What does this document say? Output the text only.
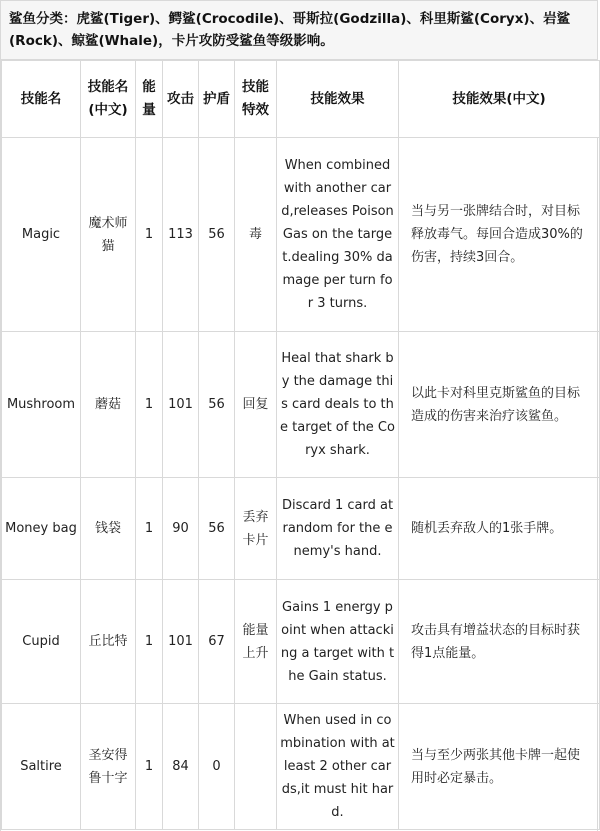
鲨鱼分类：虎鲨(Tiger)、鳄鲨(Crocodile)、哥斯拉(Godzilla)、科里斯鲨(Coryx)、岩鲨(Rock)、鲸鲨(Whale)，卡片攻防受鲨鱼等级影响。
技能名	技能名(中文)	能量	攻击	护盾	技能特效	技能效果	技能效果(中文)
Magic	魔术师猫	1	113	56	毒	When combined with another card,releases Poison Gas on the target.dealing 30% damage per turn for 3 turns.	当与另一张牌结合时，对目标释放毒气。每回合造成30%的伤害，持续3回合。
Mushroom	蘑菇	1	101	56	回复	Heal that shark by the damage this card deals to the target of the Coryx shark.	以此卡对科里克斯鲨鱼的目标造成的伤害来治疗该鲨鱼。
Money bag	钱袋	1	90	56	丢弃卡片	Discard 1 card at random for the enemy's hand.	随机丢弃敌人的1张手牌。
Cupid	丘比特	1	101	67	能量上升	Gains 1 energy point when attacking a target with the Gain status.	攻击具有增益状态的目标时获得1点能量。
Saltire	圣安得鲁十字	1	84	0		When used in combination with at least 2 other cards,it must hit hard.	当与至少两张其他卡牌一起使用时必定暴击。
